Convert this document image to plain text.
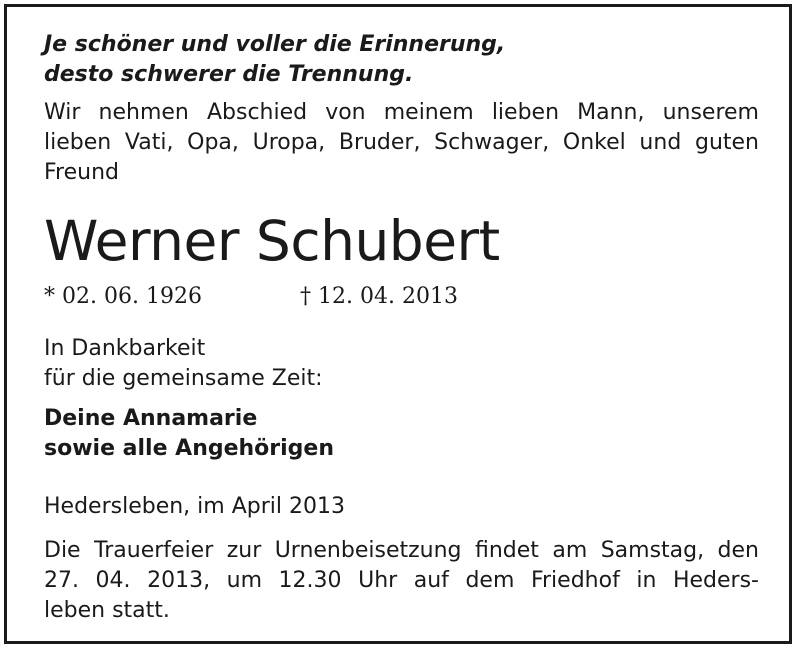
Je schöner und voller die Erinnerung,
desto schwerer die Trennung.
Wir nehmen Abschied von meinem lieben Mann, unserem
lieben Vati, Opa, Uropa, Bruder, Schwager, Onkel und guten
Freund
Werner Schubert
* 02. 06. 1926	† 12. 04. 2013
In Dankbarkeit
für die gemeinsame Zeit:
Deine Annamarie
sowie alle Angehörigen
Hedersleben, im April 2013
Die Trauerfeier zur Urnenbeisetzung findet am Samstag, den
27. 04. 2013, um 12.30 Uhr auf dem Friedhof in Heders-
leben statt.
